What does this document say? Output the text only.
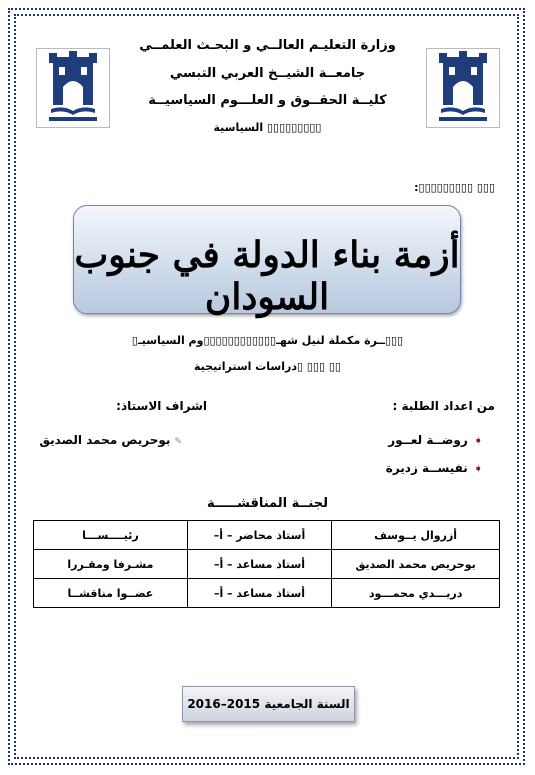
وزارة التعليـم العالــي و البحـث العلمــي
جامعــة الشيــخ العربي التبسي
كليــة الحقــوق و العلـــوم السياسيــة
▯▯▯▯▯▯▯▯▯ السياسية
▯▯▯ ▯▯▯▯▯▯▯▯▯:
أزمة بناء الدولة في جنوب السودان
▯▯▯ــرة مكملة لنيل شهـ▯▯▯▯▯▯▯▯▯▯▯▯وم السياسيـ▯
▯▯ ▯▯▯ ▯دراسات استراتيجية
من اعداد الطلبة :
اشراف الاستاذ:
➧روضــة لعــور
➧نفيســة زديرة
✎بوحريص محمد الصديق
لجنــة المناقشـــــة
أزروال يــوسف	أستاذ محاضر – أ–	رئيــــســـا
بوحريص محمد الصديق	أستاذ مساعد – أ–	مشـرفا ومقـررا
دريـــدي محمـــود	أستاذ مساعد – أ–	عضــوا مناقشــا
السنة الجامعية 2015–2016
